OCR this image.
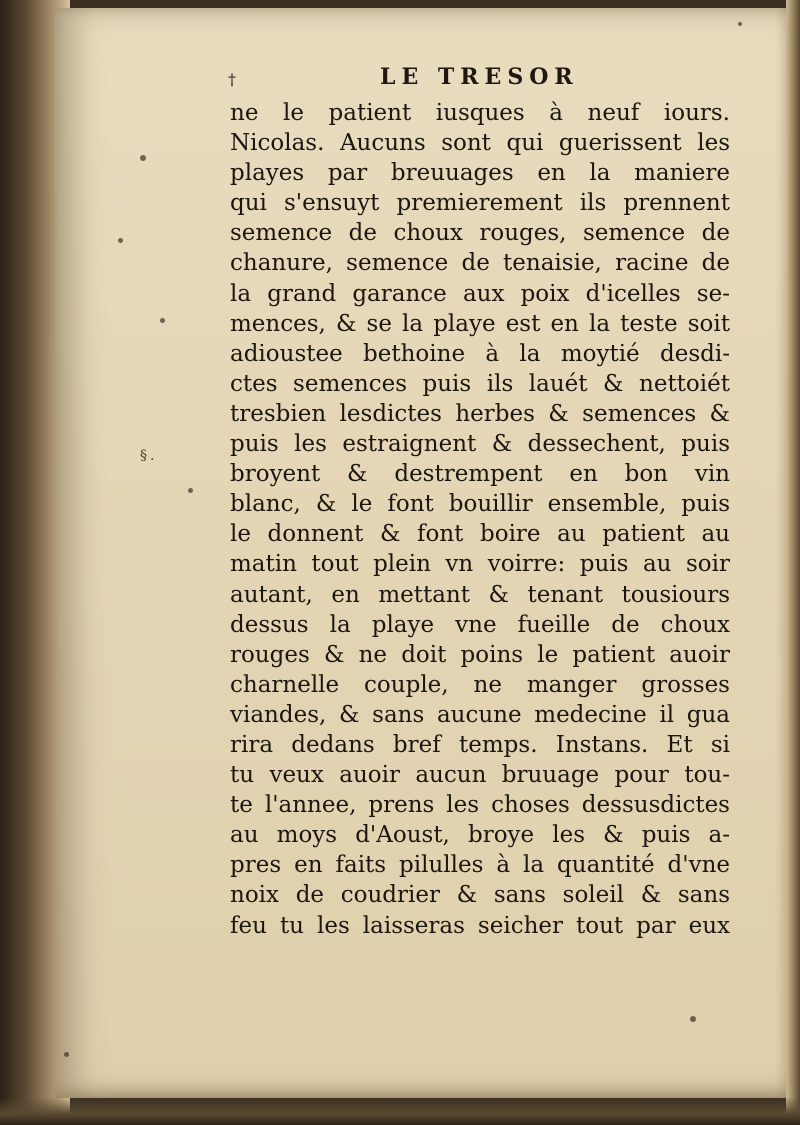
†	LE TRESOR
§.
ne le patient iusques à neuf iours.
Nicolas. Aucuns sont qui guerissent les
playes par breuuages en la maniere
qui s'ensuyt premierement ils prennent
semence de choux rouges, semence de
chanure, semence de tenaisie, racine de
la grand garance aux poix d'icelles se-
mences, & se la playe est en la teste soit
adioustee bethoine à la moytié desdi-
ctes semences puis ils lauét & nettoiét
tresbien lesdictes herbes & semences &
puis les estraignent & dessechent, puis
broyent & destrempent en bon vin
blanc, & le font bouillir ensemble, puis
le donnent & font boire au patient au
matin tout plein vn voirre: puis au soir
autant, en mettant & tenant tousiours
dessus la playe vne fueille de choux
rouges & ne doit poins le patient auoir
charnelle couple, ne manger grosses
viandes, & sans aucune medecine il gua
rira dedans bref temps. Instans. Et si
tu veux auoir aucun bruuage pour tou-
te l'annee, prens les choses dessusdictes
au moys d'Aoust, broye les & puis a-
pres en faits pilulles à la quantité d'vne
noix de coudrier & sans soleil & sans
feu tu les laisseras seicher tout par eux
